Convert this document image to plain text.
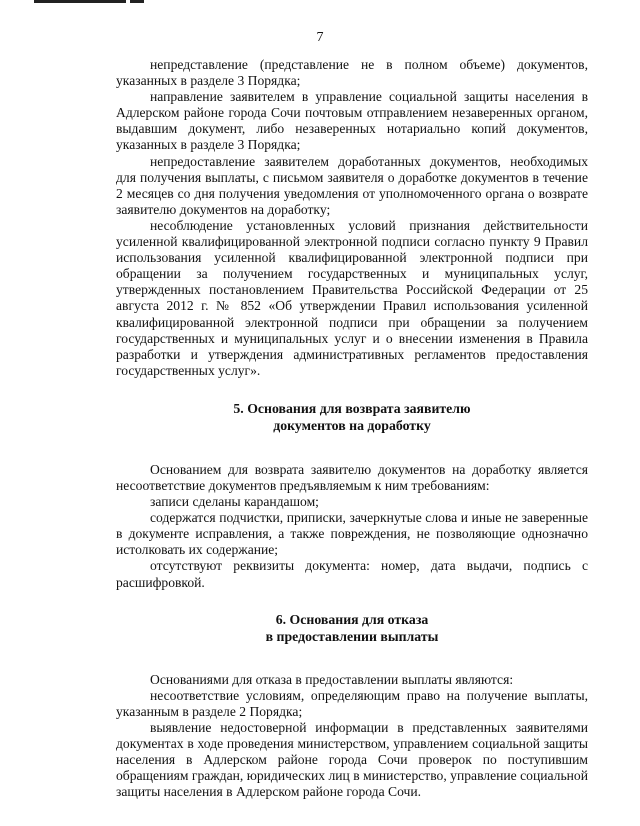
7

непредставление (представление не в полном объеме) документов, указанных в разделе 3 Порядка;

направление заявителем в управление социальной защиты населения в Адлерском районе города Сочи почтовым отправлением незаверенных органом, выдавшим документ, либо незаверенных нотариально копий документов, указанных в разделе 3 Порядка;

непредоставление заявителем доработанных документов, необходимых для получения выплаты, с письмом заявителя о доработке документов в течение 2 месяцев со дня получения уведомления от уполномоченного органа о возврате заявителю документов на доработку;

несоблюдение установленных условий признания действительности усиленной квалифицированной электронной подписи согласно пункту 9 Правил использования усиленной квалифицированной электронной подписи при обращении за получением государственных и муниципальных услуг, утвержденных постановлением Правительства Российской Федерации от 25 августа 2012 г. № 852 «Об утверждении Правил использования усиленной квалифицированной электронной подписи при обращении за получением государственных и муниципальных услуг и о внесении изменения в Правила разработки и утверждения административных регламентов предоставления государственных услуг».

5. Основания для возврата заявителю
документов на доработку

Основанием для возврата заявителю документов на доработку является несоответствие документов предъявляемым к ним требованиям:

записи сделаны карандашом;

содержатся подчистки, приписки, зачеркнутые слова и иные не заверенные в документе исправления, а также повреждения, не позволяющие однозначно истолковать их содержание;

отсутствуют реквизиты документа: номер, дата выдачи, подпись с расшифровкой.

6. Основания для отказа
в предоставлении выплаты

Основаниями для отказа в предоставлении выплаты являются:

несоответствие условиям, определяющим право на получение выплаты, указанным в разделе 2 Порядка;

выявление недостоверной информации в представленных заявителями документах в ходе проведения министерством, управлением социальной защиты населения в Адлерском районе города Сочи проверок по поступившим обращениям граждан, юридических лиц в министерство, управление социальной защиты населения в Адлерском районе города Сочи.
